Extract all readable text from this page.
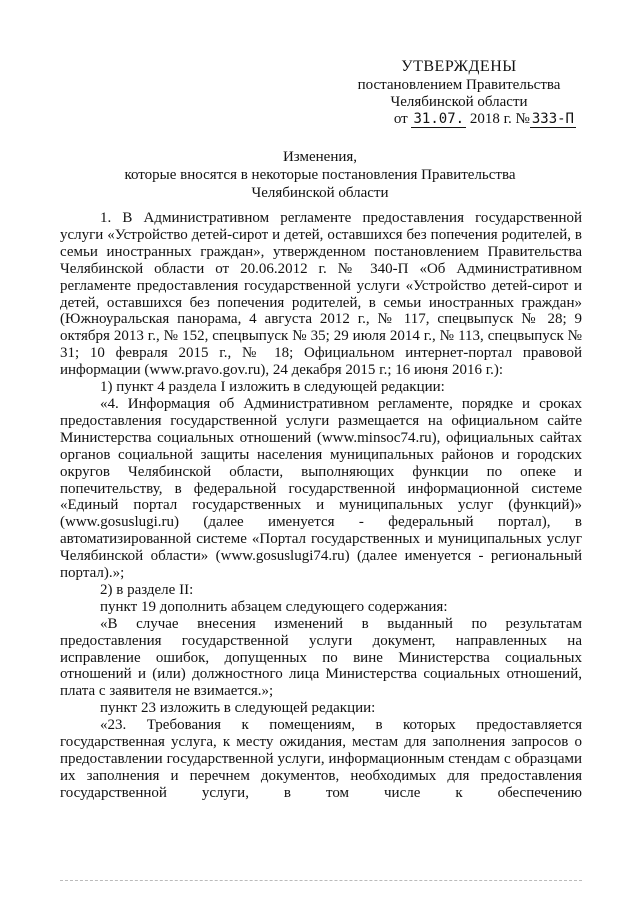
УТВЕРЖДЕНЫ
постановлением Правительства
Челябинской области
от 31.07. 2018 г. № 333-П
Изменения,
которые вносятся в некоторые постановления Правительства
Челябинской области

1. В Административном регламенте предоставления государственной услуги «Устройство детей-сирот и детей, оставшихся без попечения родителей, в семьи иностранных граждан», утвержденном постановлением Правительства Челябинской области от 20.06.2012 г. № 340-П «Об Административном регламенте предоставления государственной услуги «Устройство детей-сирот и детей, оставшихся без попечения родителей, в семьи иностранных граждан» (Южноуральская панорама, 4 августа 2012 г., № 117, спецвыпуск № 28; 9 октября 2013 г., № 152, спецвыпуск № 35; 29 июля 2014 г., № 113, спецвыпуск № 31; 10 февраля 2015 г., № 18; Официальном интернет-портал правовой информации (www.pravo.gov.ru), 24 декабря 2015 г.; 16 июня 2016 г.):

1) пункт 4 раздела I изложить в следующей редакции:

«4. Информация об Административном регламенте, порядке и сроках предоставления государственной услуги размещается на официальном сайте Министерства социальных отношений (www.minsoc74.ru), официальных сайтах органов социальной защиты населения муниципальных районов и городских округов Челябинской области, выполняющих функции по опеке и попечительству, в федеральной государственной информационной системе «Единый портал государственных и муниципальных услуг (функций)» (www.gosuslugi.ru) (далее именуется - федеральный портал), в автоматизированной системе «Портал государственных и муниципальных услуг Челябинской области» (www.gosuslugi74.ru) (далее именуется - региональный портал).»;

2) в разделе II:

пункт 19 дополнить абзацем следующего содержания:

«В случае внесения изменений в выданный по результатам предоставления государственной услуги документ, направленных на исправление ошибок, допущенных по вине Министерства социальных отношений и (или) должностного лица Министерства социальных отношений, плата с заявителя не взимается.»;

пункт 23 изложить в следующей редакции:

«23. Требования к помещениям, в которых предоставляется государственная услуга, к месту ожидания, местам для заполнения запросов о предоставлении государственной услуги, информационным стендам с образцами их заполнения и перечнем документов, необходимых для предоставления государственной услуги, в том числе к обеспечению
